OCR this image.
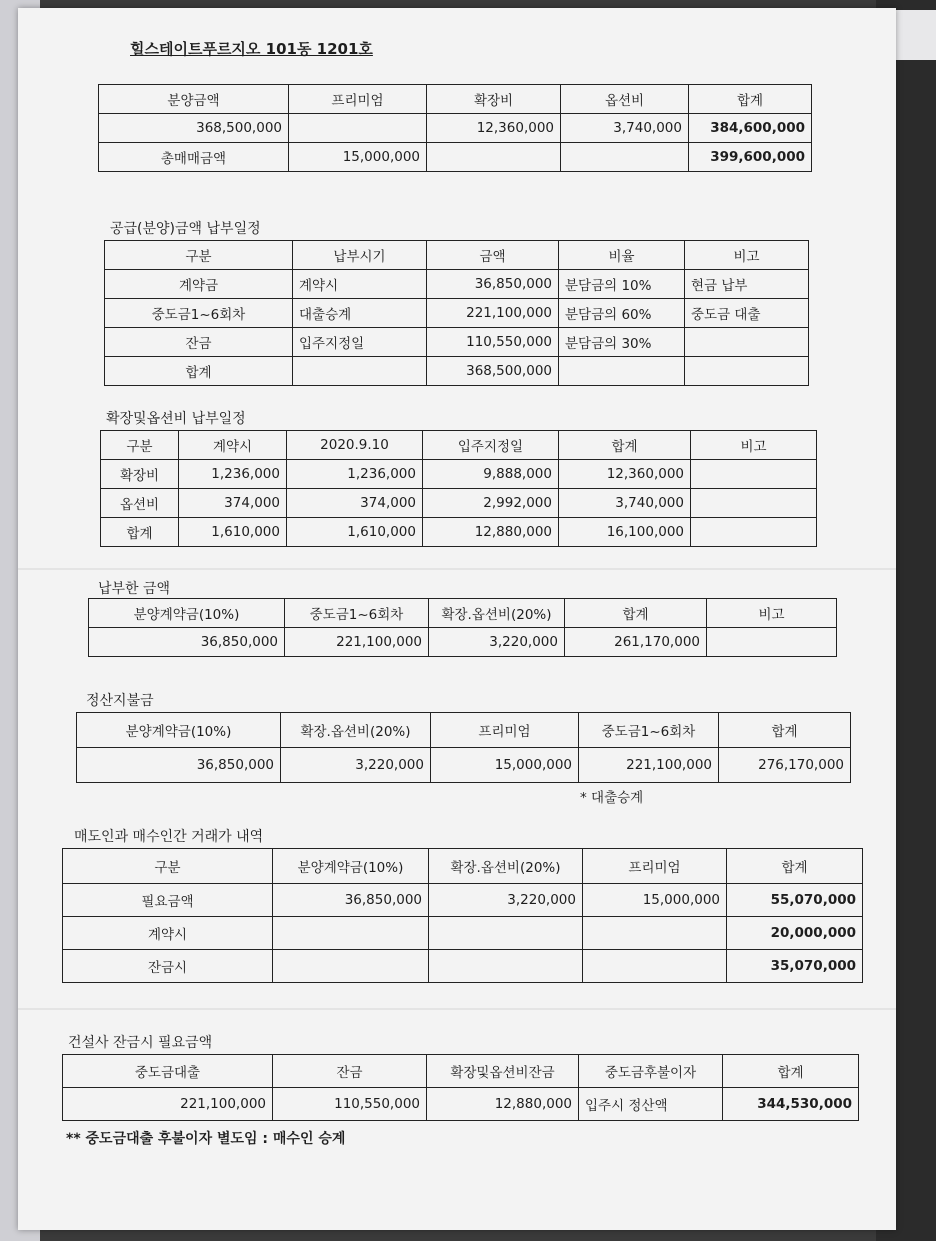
힐스테이트푸르지오 101동 1201호
분양금액	프리미엄	확장비	옵션비	합계
368,500,000		12,360,000	3,740,000	384,600,000
총매매금액	15,000,000			399,600,000
공급(분양)금액 납부일정
구분	납부시기	금액	비율	비고
계약금	계약시	36,850,000	분담금의 10%	현금 납부
중도금1~6회차	대출승계	221,100,000	분담금의 60%	중도금 대출
잔금	입주지정일	110,550,000	분담금의 30%	
합계		368,500,000		
확장및옵션비 납부일정
구분	계약시	2020.9.10	입주지정일	합계	비고
확장비	1,236,000	1,236,000	9,888,000	12,360,000	
옵션비	374,000	374,000	2,992,000	3,740,000	
합계	1,610,000	1,610,000	12,880,000	16,100,000	
납부한 금액
분양계약금(10%)	중도금1~6회차	확장.옵션비(20%)	합계	비고
36,850,000	221,100,000	3,220,000	261,170,000	
정산지불금
분양계약금(10%)	확장.옵션비(20%)	프리미엄	중도금1~6회차	합계
36,850,000	3,220,000	15,000,000	221,100,000	276,170,000
* 대출승계
매도인과 매수인간 거래가 내역
구분	분양계약금(10%)	확장.옵션비(20%)	프리미엄	합계
필요금액	36,850,000	3,220,000	15,000,000	55,070,000
계약시				20,000,000
잔금시				35,070,000
건설사 잔금시 필요금액
중도금대출	잔금	확장및옵션비잔금	중도금후불이자	합계
221,100,000	110,550,000	12,880,000	입주시 정산액	344,530,000
** 중도금대출 후불이자 별도임 : 매수인 승계
